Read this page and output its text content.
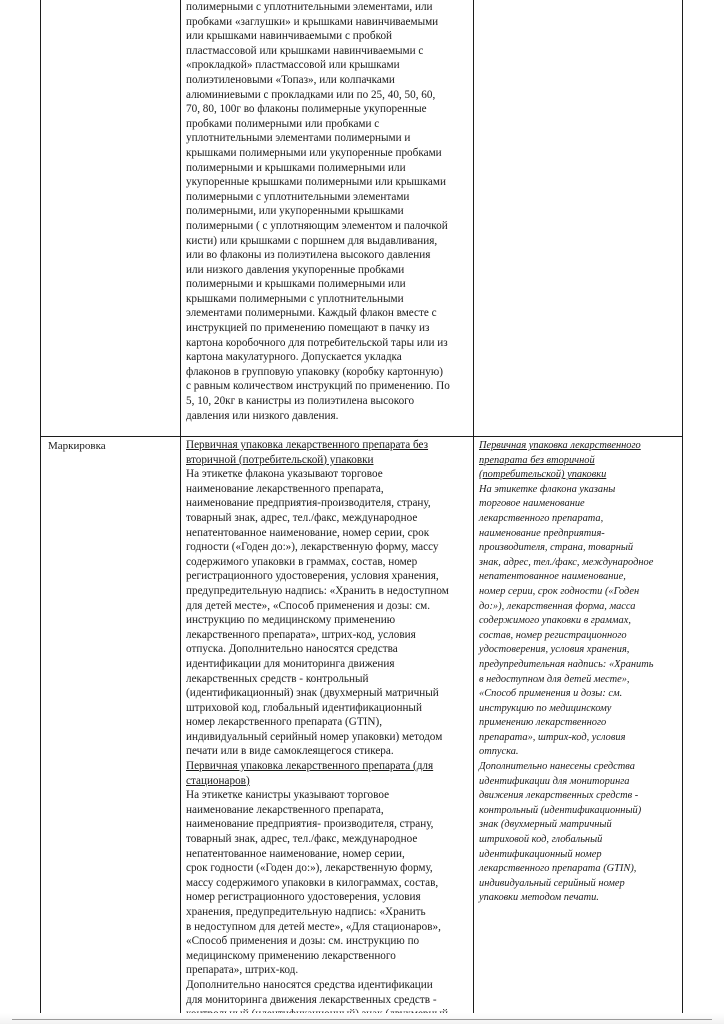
Маркировка
полимерными с уплотнительными элементами, или
пробками «заглушки» и крышками навинчиваемыми
или крышками навинчиваемыми с пробкой
пластмассовой или крышками навинчиваемыми с
«прокладкой» пластмассовой или крышками
полиэтиленовыми «Топаз», или колпачками
алюминиевыми с прокладками или по 25, 40, 50, 60,
70, 80, 100г во флаконы полимерные укупоренные
пробками полимерными или пробками с
уплотнительными элементами полимерными и
крышками полимерными или укупоренные пробками
полимерными и крышками полимерными или
укупоренные крышками полимерными или крышками
полимерными с уплотнительными элементами
полимерными, или укупоренными крышками
полимерными ( с уплотняющим элементом и палочкой
кисти) или крышками с поршнем для выдавливания,
или во флаконы из полиэтилена высокого давления
или низкого давления укупоренные пробками
полимерными и крышками полимерными или
крышками полимерными с уплотнительными
элементами полимерными. Каждый флакон вместе с
инструкцией по применению помещают в пачку из
картона коробочного для потребительской тары или из
картона макулатурного. Допускается укладка
флаконов в групповую упаковку (коробку картонную)
с равным количеством инструкций по применению. По
5, 10, 20кг в канистры из полиэтилена высокого
давления или низкого давления.
Первичная упаковка лекарственного препарата без
вторичной (потребительской) упаковки
На этикетке флакона указывают торговое
наименование лекарственного препарата,
наименование предприятия-производителя, страну,
товарный знак, адрес, тел./факс, международное
непатентованное наименование, номер серии, срок
годности («Годен до:»), лекарственную форму, массу
содержимого упаковки в граммах, состав, номер
регистрационного удостоверения, условия хранения,
предупредительную надпись: «Хранить в недоступном
для детей месте», «Способ применения и дозы: см.
инструкцию по медицинскому применению
лекарственного препарата», штрих-код, условия
отпуска. Дополнительно наносятся средства
идентификации для мониторинга движения
лекарственных средств - контрольный
(идентификационный) знак (двухмерный матричный
штриховой код, глобальный идентификационный
номер лекарственного препарата (GTIN),
индивидуальный серийный номер упаковки) методом
печати или в виде самоклеящегося стикера.
Первичная упаковка лекарственного препарата (для
стационаров)
На этикетке канистры указывают торговое
наименование лекарственного препарата,
наименование предприятия- производителя, страну,
товарный знак, адрес, тел./факс, международное
непатентованное наименование, номер серии,
срок годности («Годен до:»), лекарственную форму,
массу содержимого упаковки в килограммах, состав,
номер регистрационного удостоверения, условия
хранения, предупредительную надпись: «Хранить
в недоступном для детей месте», «Для стационаров»,
«Способ применения и дозы: см. инструкцию по
медицинскому применению лекарственного
препарата», штрих-код.
Дополнительно наносятся средства идентификации
для мониторинга движения лекарственных средств -
Первичная упаковка лекарственного
препарата без вторичной
(потребительской) упаковки
На этикетке флакона указаны
торговое наименование
лекарственного препарата,
наименование предприятия-
производителя, страна, товарный
знак, адрес, тел./факс, международное
непатентованное наименование,
номер серии, срок годности («Годен
до:»), лекарственная форма, масса
содержимого упаковки в граммах,
состав, номер регистрационного
удостоверения, условия хранения,
предупредительная надпись: «Хранить
в недоступном для детей месте»,
«Способ применения и дозы: см.
инструкцию по медицинскому
применению лекарственного
препарата», штрих-код, условия
отпуска.
Дополнительно нанесены средства
идентификации для мониторинга
движения лекарственных средств -
контрольный (идентификационный)
знак (двухмерный матричный
штриховой код, глобальный
идентификационный номер
лекарственного препарата (GTIN),
индивидуальный серийный номер
упаковки методом печати.
